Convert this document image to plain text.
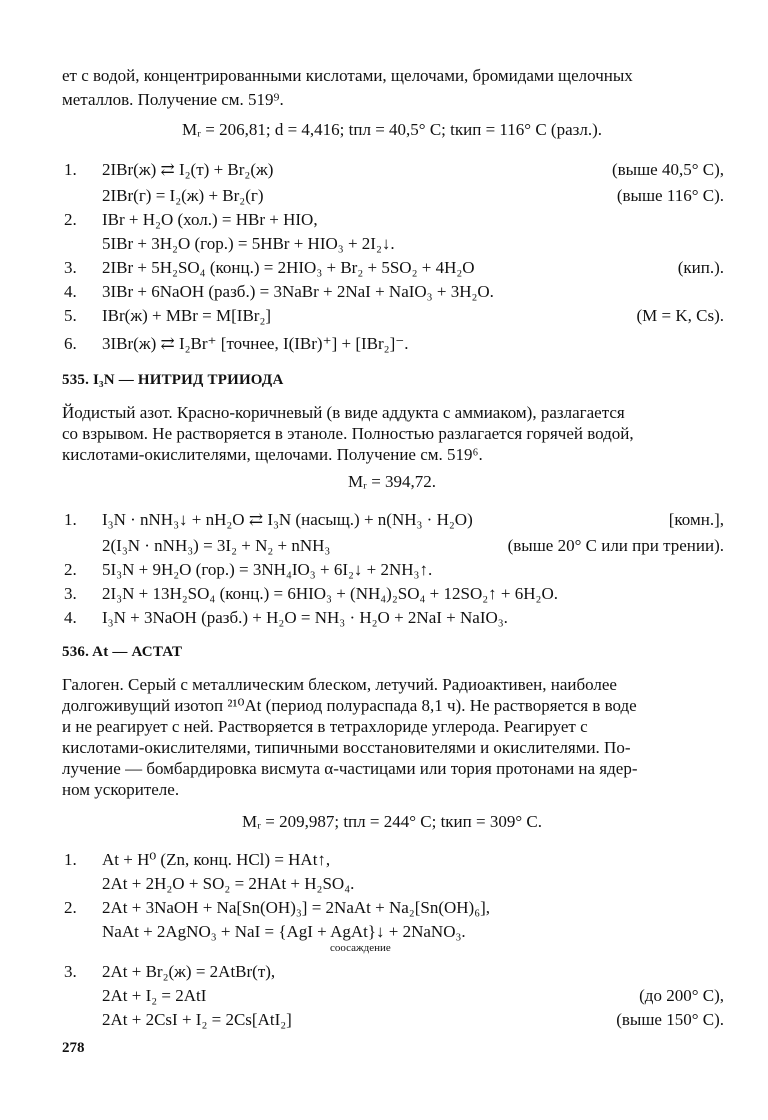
ет с водой, концентрированными кислотами, щелочами, бромидами щелочных
металлов. Получение см. 519⁹.
Mᵣ = 206,81; d = 4,416; tпл = 40,5° C; tкип = 116° C (разл.).
1. 2IBr(ж) ⇄ I₂(т) + Br₂(ж)	(выше 40,5° C),
2IBr(г) = I₂(ж) + Br₂(г)	(выше 116° C).
2. IBr + H₂O (хол.) = HBr + HIO,
5IBr + 3H₂O (гор.) = 5HBr + HIO₃ + 2I₂↓.
3. 2IBr + 5H₂SO₄ (конц.) = 2HIO₃ + Br₂ + 5SO₂ + 4H₂O	(кип.).
4. 3IBr + 6NaOH (разб.) = 3NaBr + 2NaI + NaIO₃ + 3H₂O.
5. IBr(ж) + MBr = M[IBr₂]	(M = K, Cs).
6. 3IBr(ж) ⇄ I₂Br⁺ [точнее, I(IBr)⁺] + [IBr₂]⁻.
535. I₃N — НИТРИД ТРИИОДА
Йодистый азот. Красно-коричневый (в виде аддукта с аммиаком), разлагается
со взрывом. Не растворяется в этаноле. Полностью разлагается горячей водой,
кислотами-окислителями, щелочами. Получение см. 519⁶.
Mᵣ = 394,72.
1. I₃N · nNH₃↓ + nH₂O ⇄ I₃N (насыщ.) + n(NH₃ · H₂O)	[комн.],
2(I₃N · nNH₃) = 3I₂ + N₂ + nNH₃	(выше 20° C или при трении).
2. 5I₃N + 9H₂O (гор.) = 3NH₄IO₃ + 6I₂↓ + 2NH₃↑.
3. 2I₃N + 13H₂SO₄ (конц.) = 6HIO₃ + (NH₄)₂SO₄ + 12SO₂↑ + 6H₂O.
4. I₃N + 3NaOH (разб.) + H₂O = NH₃ · H₂O + 2NaI + NaIO₃.
536. At — АСТАТ
Галоген. Серый с металлическим блеском, летучий. Радиоактивен, наиболее
долгоживущий изотоп ²¹⁰At (период полураспада 8,1 ч). Не растворяется в воде
и не реагирует с ней. Растворяется в тетрахлориде углерода. Реагирует с
кислотами-окислителями, типичными восстановителями и окислителями. По-
лучение — бомбардировка висмута α-частицами или тория протонами на ядер-
ном ускорителе.
Mᵣ = 209,987; tпл = 244° C; tкип = 309° C.
1. At + H⁰ (Zn, конц. HCl) = HAt↑,
2At + 2H₂O + SO₂ = 2HAt + H₂SO₄.
2. 2At + 3NaOH + Na[Sn(OH)₃] = 2NaAt + Na₂[Sn(OH)₆],
NaAt + 2AgNO₃ + NaI = {AgI + AgAt}↓ + 2NaNO₃.
соосаждение
3. 2At + Br₂(ж) = 2AtBr(т),
2At + I₂ = 2AtI	(до 200° C),
2At + 2CsI + I₂ = 2Cs[AtI₂]	(выше 150° C).
278
